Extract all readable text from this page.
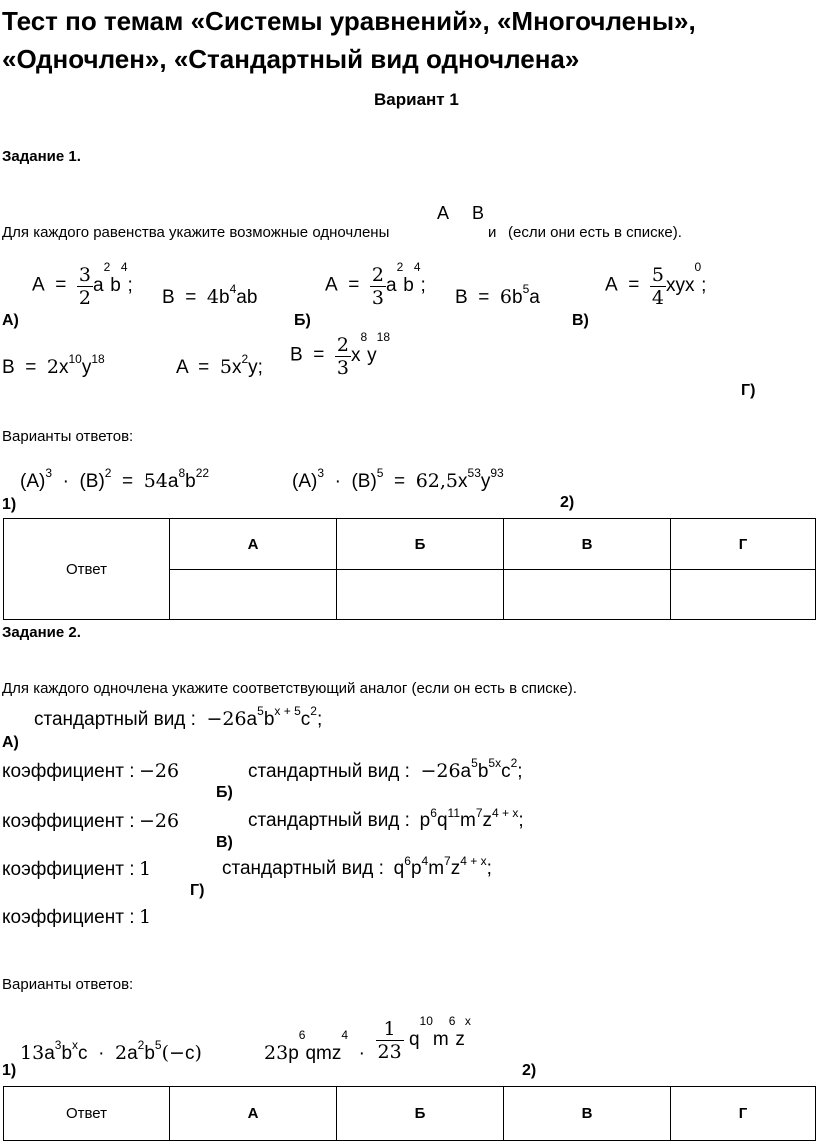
Тест по темам «Системы уравнений», «Многочлены», «Одночлен», «Стандартный вид одночлена»
Вариант 1
Задание 1.
Для каждого равенства укажите возможные одночлены
A B
и (если они есть в списке).
$A = \frac{3}{2} a^2b^4$;
$B = 4b^4ab$
А)
$A = \frac{2}{3} a^2b^4$;
$B = 6b^5a$
Б)
$A = \frac{5}{4} xyx^0$;
В)
$B = 2x^{10}y^{18}$	$A = 5x^2y$;
$B = \frac{2}{3} x^8y^{18}$
Г)
Варианты ответов:
$(A)^3 \cdot (B)^2 = 54a^8b^{22}$
1)
$(A)^3 \cdot (B)^5 = 62,5x^{53}y^{93}$
2)
Ответ	А	Б	В	Г

Задание 2.
Для каждого одночлена укажите соответствующий аналог (если он есть в списке).
стандартный вид :  $-26a^5b^{x + 5}c^2$;
А)
коэффициент : −26	стандартный вид :  $-26a^5b^{5x}c^2$;
Б)
коэффициент : −26	стандартный вид :  $p^6q^{11}m^7z^{4 + x}$;
В)
коэффициент : 1	стандартный вид :  $q^6p^4m^7z^{4 + x}$;
Г)
коэффициент : 1
Варианты ответов:
$13a^3b^xc \cdot 2a^2b^5(-c)$
1)
$23p^6qmz^4 \cdot \frac{1}{23} q^{10}m^6z^x$
2)
Ответ	А	Б	В	Г
